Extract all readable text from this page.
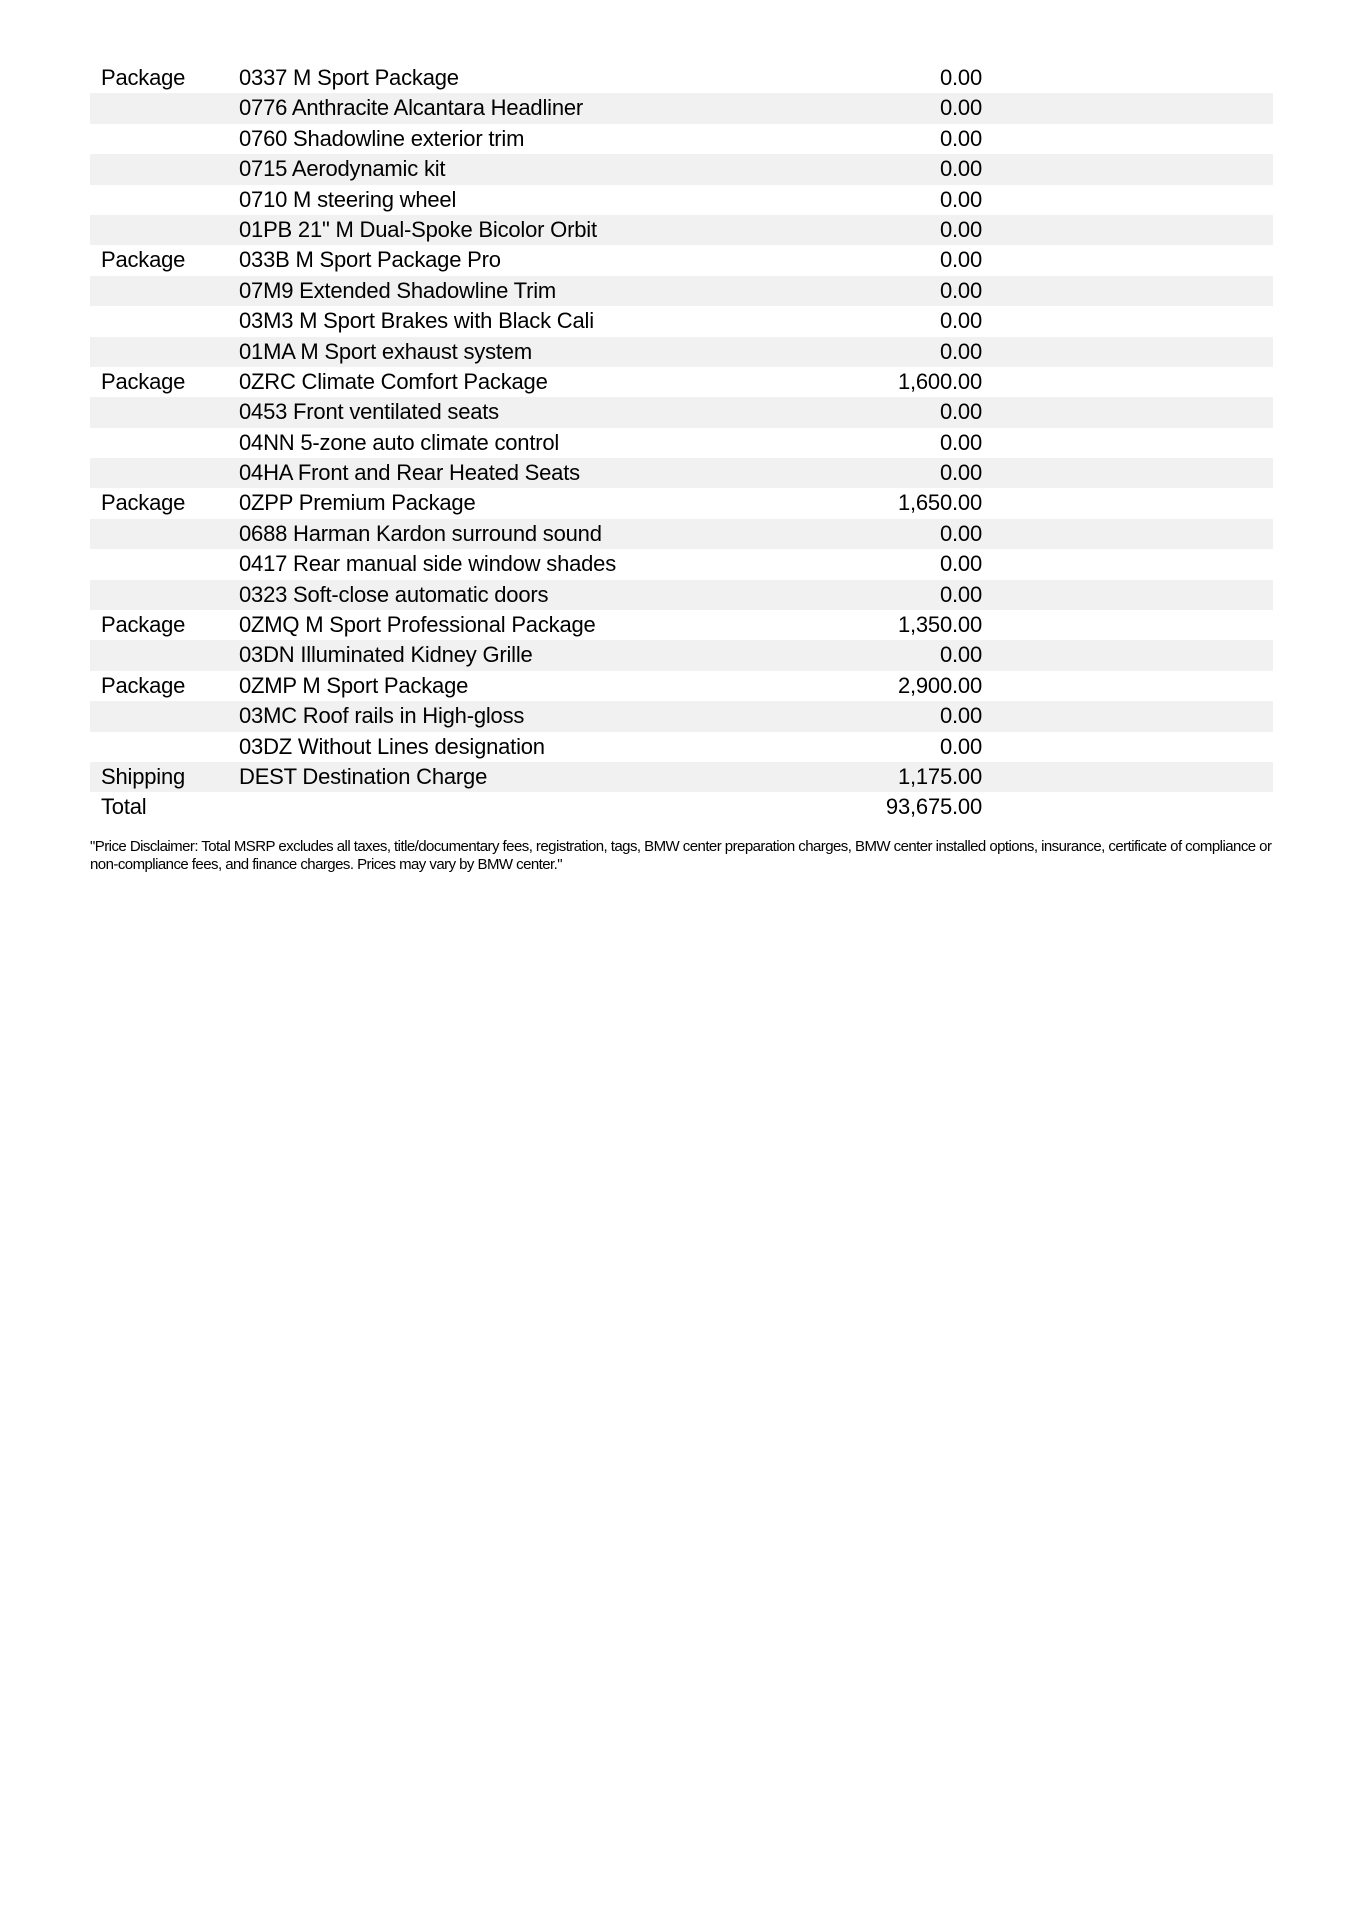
Package 0337 M Sport Package	0.00
0776 Anthracite Alcantara Headliner	0.00
0760 Shadowline exterior trim	0.00
0715 Aerodynamic kit	0.00
0710 M steering wheel	0.00
01PB 21" M Dual-Spoke Bicolor Orbit	0.00
Package 033B M Sport Package Pro	0.00
07M9 Extended Shadowline Trim	0.00
03M3 M Sport Brakes with Black Cali	0.00
01MA M Sport exhaust system	0.00
Package 0ZRC Climate Comfort Package	1,600.00
0453 Front ventilated seats	0.00
04NN 5-zone auto climate control	0.00
04HA Front and Rear Heated Seats	0.00
Package 0ZPP Premium Package	1,650.00
0688 Harman Kardon surround sound	0.00
0417 Rear manual side window shades	0.00
0323 Soft-close automatic doors	0.00
Package 0ZMQ M Sport Professional Package	1,350.00
03DN Illuminated Kidney Grille	0.00
Package 0ZMP M Sport Package	2,900.00
03MC Roof rails in High-gloss	0.00
03DZ Without Lines designation	0.00
Shipping DEST Destination Charge	1,175.00
Total	93,675.00
"Price Disclaimer: Total MSRP excludes all taxes, title/documentary fees, registration, tags, BMW center preparation charges, BMW center installed options, insurance, certificate of compliance or non-compliance fees, and finance charges. Prices may vary by BMW center."
